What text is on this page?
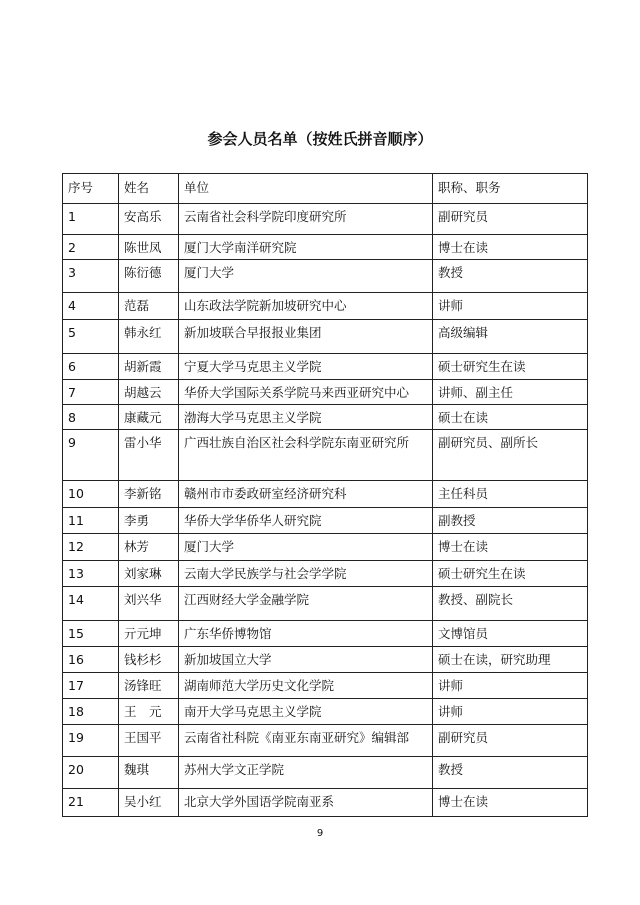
参会人员名单（按姓氏拼音顺序）
序号	姓名	单位	职称、职务
1	安高乐	云南省社会科学院印度研究所	副研究员
2	陈世凤	厦门大学南洋研究院	博士在读
3	陈衍德	厦门大学	教授
4	范磊	山东政法学院新加坡研究中心	讲师
5	韩永红	新加坡联合早报报业集团	高级编辑
6	胡新霞	宁夏大学马克思主义学院	硕士研究生在读
7	胡越云	华侨大学国际关系学院马来西亚研究中心	讲师、副主任
8	康藏元	渤海大学马克思主义学院	硕士在读
9	雷小华	广西壮族自治区社会科学院东南亚研究所	副研究员、副所长
10	李新铭	赣州市市委政研室经济研究科	主任科员
11	李勇	华侨大学华侨华人研究院	副教授
12	林芳	厦门大学	博士在读
13	刘家琳	云南大学民族学与社会学学院	硕士研究生在读
14	刘兴华	江西财经大学金融学院	教授、副院长
15	亓元坤	广东华侨博物馆	文博馆员
16	钱杉杉	新加坡国立大学	硕士在读，研究助理
17	汤锋旺	湖南师范大学历史文化学院	讲师
18	王　元	南开大学马克思主义学院	讲师
19	王国平	云南省社科院《南亚东南亚研究》编辑部	副研究员
20	魏琪	苏州大学文正学院	教授
21	吴小红	北京大学外国语学院南亚系	博士在读
9
